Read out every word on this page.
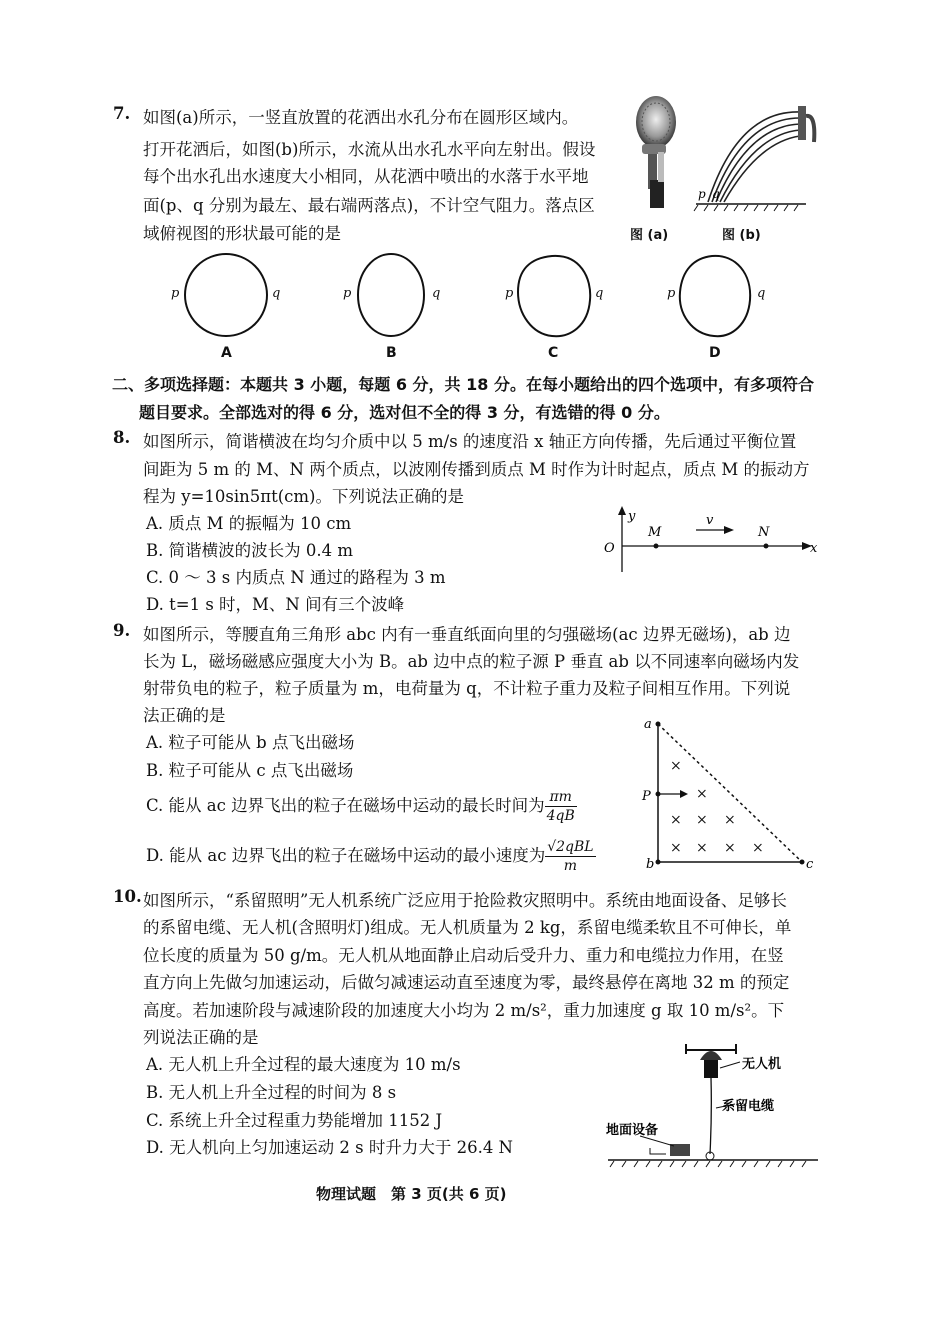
7. 如图(a)所示，一竖直放置的花洒出水孔分布在圆形区域内。
打开花洒后，如图(b)所示，水流从出水孔水平向左射出。假设
每个出水孔出水速度大小相同，从花洒中喷出的水落于水平地
面(p、q 分别为最左、最右端两落点)，不计空气阻力。落点区
域俯视图的形状最可能的是
p q
图 (a)	图 (b)
p	q	p	q	p	q	p	q
A	B	C	D
二、多项选择题：本题共 3 小题，每题 6 分，共 18 分。在每小题给出的四个选项中，有多项符合
题目要求。全部选对的得 6 分，选对但不全的得 3 分，有选错的得 0 分。
8. 如图所示，简谐横波在均匀介质中以 5 m/s 的速度沿 x 轴正方向传播，先后通过平衡位置
间距为 5 m 的 M、N 两个质点，以波刚传播到质点 M 时作为计时起点，质点 M 的振动方
程为 y=10sin5πt(cm)。下列说法正确的是
A. 质点 M 的振幅为 10 cm
B. 简谐横波的波长为 0.4 m
C. 0 ～ 3 s 内质点 N 通过的路程为 3 m
D. t=1 s 时，M、N 间有三个波峰
y
O
M	N
v
x
9. 如图所示，等腰直角三角形 abc 内有一垂直纸面向里的匀强磁场(ac 边界无磁场)，ab 边
长为 L，磁场磁感应强度大小为 B。ab 边中点的粒子源 P 垂直 ab 以不同速率向磁场内发
射带负电的粒子，粒子质量为 m，电荷量为 q，不计粒子重力及粒子间相互作用。下列说
法正确的是
A. 粒子可能从 b 点飞出磁场
B. 粒子可能从 c 点飞出磁场
C. 能从 ac 边界飞出的粒子在磁场中运动的最长时间为 $\frac{\pi m}{4qB}$
D. 能从 ac 边界飞出的粒子在磁场中运动的最小速度为 $\frac{\text{√2qBL}}{m}$
×
×
× × ×
× × × ×
a
b	c
P
10. 如图所示，“系留照明”无人机系统广泛应用于抢险救灾照明中。系统由地面设备、足够长
的系留电缆、无人机(含照明灯)组成。无人机质量为 2 kg，系留电缆柔软且不可伸长，单
位长度的质量为 50 g/m。无人机从地面静止启动后受升力、重力和电缆拉力作用，在竖
直方向上先做匀加速运动，后做匀减速运动直至速度为零，最终悬停在离地 32 m 的预定
高度。若加速阶段与减速阶段的加速度大小均为 2 m/s²，重力加速度 g 取 10 m/s²。下
列说法正确的是
A. 无人机上升全过程的最大速度为 10 m/s
B. 无人机上升全过程的时间为 8 s
C. 系统上升全过程重力势能增加 1152 J
D. 无人机向上匀加速运动 2 s 时升力大于 26.4 N
无人机
系留电缆
地面设备
物理试题　第 3 页(共 6 页)
